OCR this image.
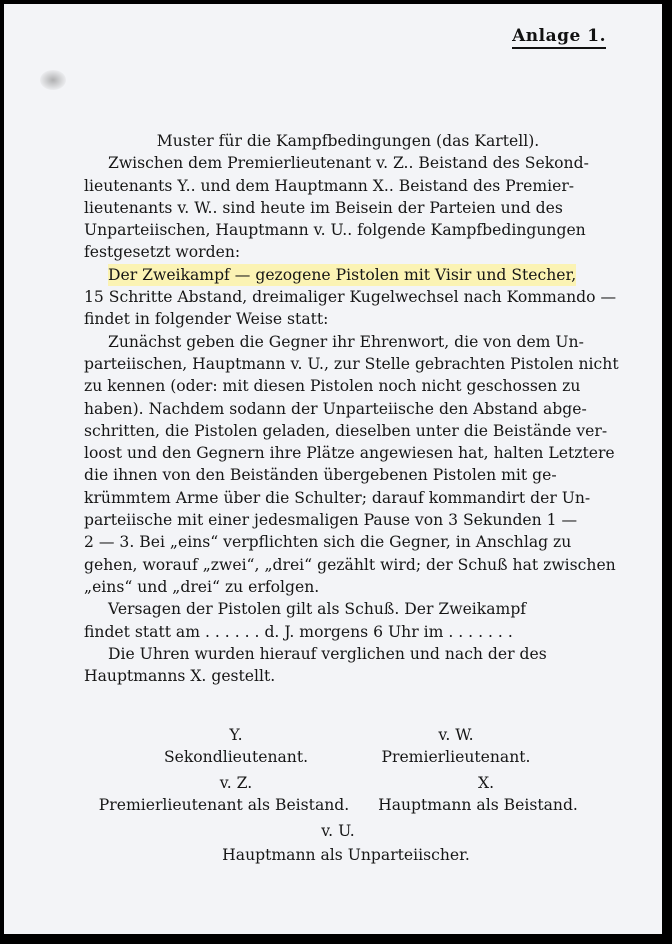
Anlage 1.
Muster für die Kampfbedingungen (das Kartell).
Zwischen dem Premierlieutenant v. Z.. Beistand des Sekond-
lieutenants Y.. und dem Hauptmann X.. Beistand des Premier-
lieutenants v. W.. sind heute im Beisein der Parteien und des
Unparteiischen, Hauptmann v. U.. folgende Kampfbedingungen
festgesetzt worden:
Der Zweikampf — gezogene Pistolen mit Visir und Stecher,
15 Schritte Abstand, dreimaliger Kugelwechsel nach Kommando —
findet in folgender Weise statt:
Zunächst geben die Gegner ihr Ehrenwort, die von dem Un-
parteiischen, Hauptmann v. U., zur Stelle gebrachten Pistolen nicht
zu kennen (oder: mit diesen Pistolen noch nicht geschossen zu
haben). Nachdem sodann der Unparteiische den Abstand abge-
schritten, die Pistolen geladen, dieselben unter die Beistände ver-
loost und den Gegnern ihre Plätze angewiesen hat, halten Letztere
die ihnen von den Beiständen übergebenen Pistolen mit ge-
krümmtem Arme über die Schulter; darauf kommandirt der Un-
parteiische mit einer jedesmaligen Pause von 3 Sekunden 1 —
2 — 3. Bei „eins“ verpflichten sich die Gegner, in Anschlag zu
gehen, worauf „zwei“, „drei“ gezählt wird; der Schuß hat zwischen
„eins“ und „drei“ zu erfolgen.
Versagen der Pistolen gilt als Schuß. Der Zweikampf
findet statt am . . . . . . d. J. morgens 6 Uhr im . . . . . . .
Die Uhren wurden hierauf verglichen und nach der des
Hauptmanns X. gestellt.
Y.	v. W.
Sekondlieutenant.	Premierlieutenant.
v. Z.	X.
Premierlieutenant als Beistand. Hauptmann als Beistand.
v. U.
Hauptmann als Unparteiischer.
